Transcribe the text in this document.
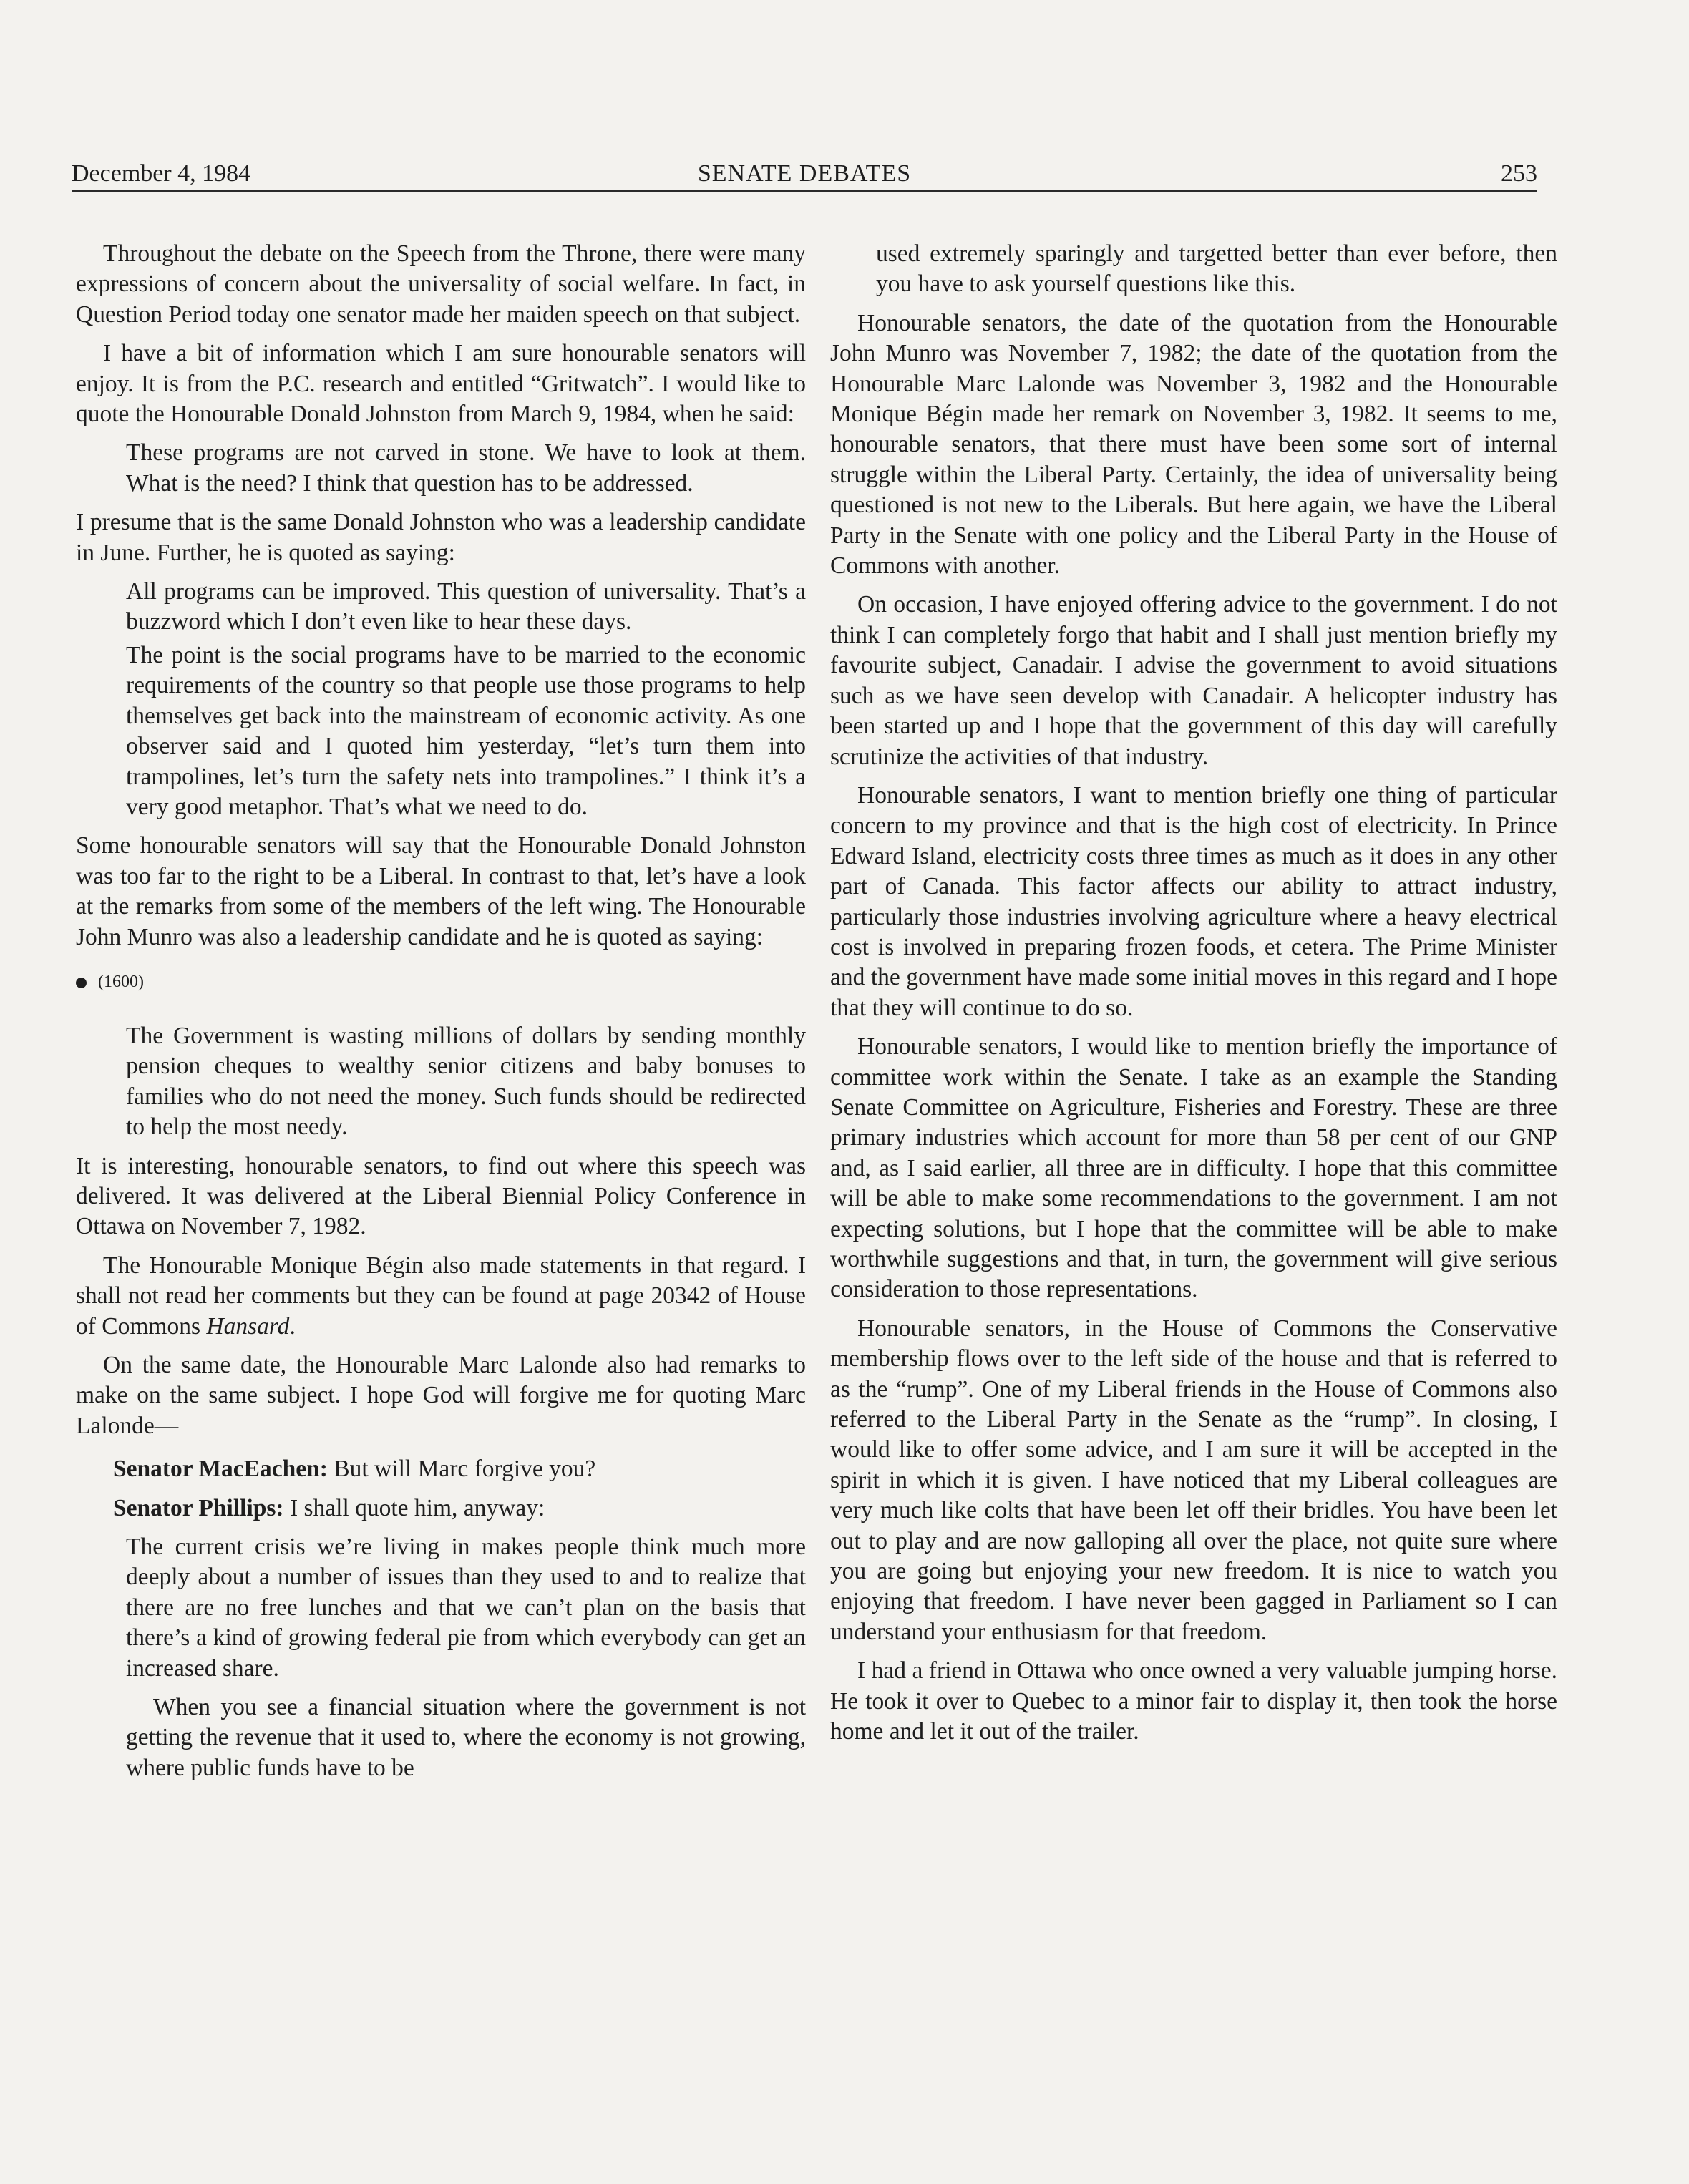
December 4, 1984	SENATE DEBATES	253

Throughout the debate on the Speech from the Throne, there were many expressions of concern about the universality of social welfare. In fact, in Question Period today one senator made her maiden speech on that subject.

I have a bit of information which I am sure honourable senators will enjoy. It is from the P.C. research and entitled “Gritwatch”. I would like to quote the Honourable Donald Johnston from March 9, 1984, when he said:

These programs are not carved in stone. We have to look at them. What is the need? I think that question has to be addressed.

I presume that is the same Donald Johnston who was a leadership candidate in June. Further, he is quoted as saying:

All programs can be improved. This question of universality. That’s a buzzword which I don’t even like to hear these days.

The point is the social programs have to be married to the economic requirements of the country so that people use those programs to help themselves get back into the mainstream of economic activity. As one observer said and I quoted him yesterday, “let’s turn them into trampolines, let’s turn the safety nets into trampolines.” I think it’s a very good metaphor. That’s what we need to do.

Some honourable senators will say that the Honourable Donald Johnston was too far to the right to be a Liberal. In contrast to that, let’s have a look at the remarks from some of the members of the left wing. The Honourable John Munro was also a leadership candidate and he is quoted as saying:

(1600)

The Government is wasting millions of dollars by sending monthly pension cheques to wealthy senior citizens and baby bonuses to families who do not need the money. Such funds should be redirected to help the most needy.

It is interesting, honourable senators, to find out where this speech was delivered. It was delivered at the Liberal Biennial Policy Conference in Ottawa on November 7, 1982.

The Honourable Monique Bégin also made statements in that regard. I shall not read her comments but they can be found at page 20342 of House of Commons Hansard.

On the same date, the Honourable Marc Lalonde also had remarks to make on the same subject. I hope God will forgive me for quoting Marc Lalonde—

Senator MacEachen: But will Marc forgive you?

Senator Phillips: I shall quote him, anyway:

The current crisis we’re living in makes people think much more deeply about a number of issues than they used to and to realize that there are no free lunches and that we can’t plan on the basis that there’s a kind of growing federal pie from which everybody can get an increased share.

When you see a financial situation where the government is not getting the revenue that it used to, where the economy is not growing, where public funds have to be

used extremely sparingly and targetted better than ever before, then you have to ask yourself questions like this.

Honourable senators, the date of the quotation from the Honourable John Munro was November 7, 1982; the date of the quotation from the Honourable Marc Lalonde was November 3, 1982 and the Honourable Monique Bégin made her remark on November 3, 1982. It seems to me, honourable senators, that there must have been some sort of internal struggle within the Liberal Party. Certainly, the idea of universality being questioned is not new to the Liberals. But here again, we have the Liberal Party in the Senate with one policy and the Liberal Party in the House of Commons with another.

On occasion, I have enjoyed offering advice to the government. I do not think I can completely forgo that habit and I shall just mention briefly my favourite subject, Canadair. I advise the government to avoid situations such as we have seen develop with Canadair. A helicopter industry has been started up and I hope that the government of this day will carefully scrutinize the activities of that industry.

Honourable senators, I want to mention briefly one thing of particular concern to my province and that is the high cost of electricity. In Prince Edward Island, electricity costs three times as much as it does in any other part of Canada. This factor affects our ability to attract industry, particularly those industries involving agriculture where a heavy electrical cost is involved in preparing frozen foods, et cetera. The Prime Minister and the government have made some initial moves in this regard and I hope that they will continue to do so.

Honourable senators, I would like to mention briefly the importance of committee work within the Senate. I take as an example the Standing Senate Committee on Agriculture, Fisheries and Forestry. These are three primary industries which account for more than 58 per cent of our GNP and, as I said earlier, all three are in difficulty. I hope that this committee will be able to make some recommendations to the government. I am not expecting solutions, but I hope that the committee will be able to make worthwhile suggestions and that, in turn, the government will give serious consideration to those representations.

Honourable senators, in the House of Commons the Conservative membership flows over to the left side of the house and that is referred to as the “rump”. One of my Liberal friends in the House of Commons also referred to the Liberal Party in the Senate as the “rump”. In closing, I would like to offer some advice, and I am sure it will be accepted in the spirit in which it is given. I have noticed that my Liberal colleagues are very much like colts that have been let off their bridles. You have been let out to play and are now galloping all over the place, not quite sure where you are going but enjoying your new freedom. It is nice to watch you enjoying that freedom. I have never been gagged in Parliament so I can understand your enthusiasm for that freedom.

I had a friend in Ottawa who once owned a very valuable jumping horse. He took it over to Quebec to a minor fair to display it, then took the horse home and let it out of the trailer.
